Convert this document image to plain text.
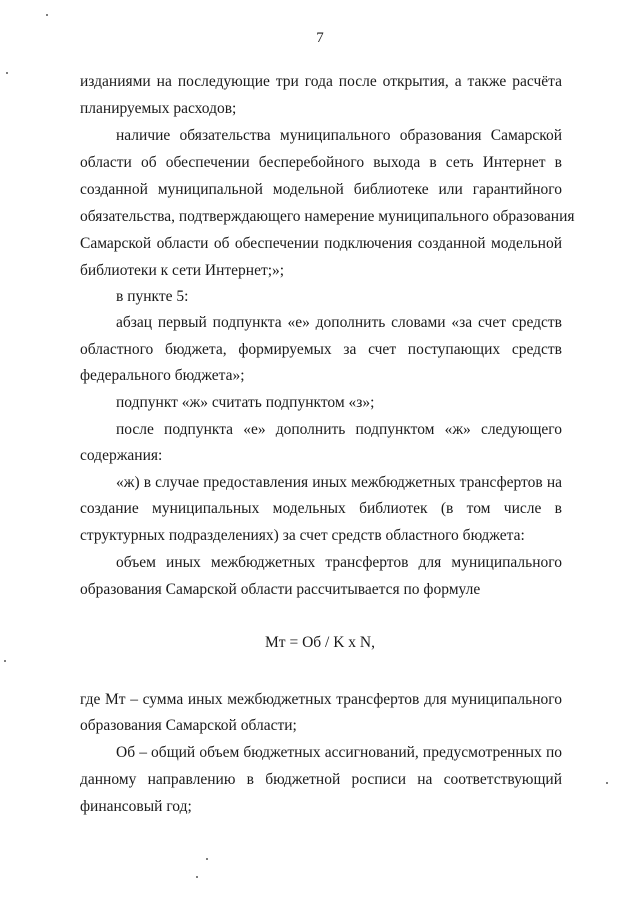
7
изданиями на последующие три года после открытия, а также расчёта
планируемых расходов;
наличие обязательства муниципального образования Самарской
области об обеспечении бесперебойного выхода в сеть Интернет в
созданной муниципальной модельной библиотеке или гарантийного
обязательства, подтверждающего намерение муниципального образования
Самарской области об обеспечении подключения созданной модельной
библиотеки к сети Интернет;»;
в пункте 5:
абзац первый подпункта «е» дополнить словами «за счет средств
областного бюджета, формируемых за счет поступающих средств
федерального бюджета»;
подпункт «ж» считать подпунктом «з»;
после подпункта «е» дополнить подпунктом «ж» следующего
содержания:
«ж) в случае предоставления иных межбюджетных трансфертов на
создание муниципальных модельных библиотек (в том числе в
структурных подразделениях) за счет средств областного бюджета:
объем иных межбюджетных трансфертов для муниципального
образования Самарской области рассчитывается по формуле
Мт = Об / K x N,
где Мт – сумма иных межбюджетных трансфертов для муниципального
образования Самарской области;
Об – общий объем бюджетных ассигнований, предусмотренных по
данному направлению в бюджетной росписи на соответствующий
финансовый год;
